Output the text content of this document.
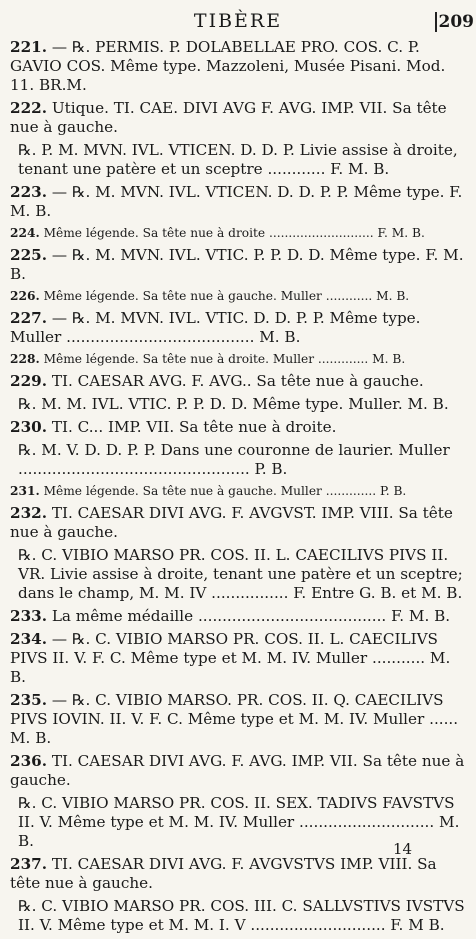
TIBÈRE	209
221. — ℞. PERMIS. P. DOLABELLAE PRO. COS. C. P. GAVIO COS. Même type. Mazzoleni, Musée Pisani. Mod. 11. BR.M.
222. Utique. TI. CAE. DIVI AVG F. AVG. IMP. VII. Sa tête nue à gauche.
℞. P. M. MVN. IVL. VTICEN. D. D. P. Livie assise à droite, tenant une patère et un sceptre ............ F. M. B.
223. — ℞. M. MVN. IVL. VTICEN. D. D. P. P. Même type. F. M. B.
224. Même légende. Sa tête nue à droite ........................... F. M. B.
225. — ℞. M. MVN. IVL. VTIC. P. P. D. D. Même type. F. M. B.
226. Même légende. Sa tête nue à gauche. Muller ............ M. B.
227. — ℞. M. MVN. IVL. VTIC. D. D. P. P. Même type. Muller ....................................... M. B.
228. Même légende. Sa tête nue à droite. Muller ............. M. B.
229. TI. CAESAR AVG. F. AVG.. Sa tête nue à gauche.
℞. M. M. IVL. VTIC. P. P. D. D. Même type. Muller. M. B.
230. TI. C... IMP. VII. Sa tête nue à droite.
℞. M. V. D. D. P. P. Dans une couronne de laurier. Muller ................................................ P. B.
231. Même légende. Sa tête nue à gauche. Muller ............. P. B.
232. TI. CAESAR DIVI AVG. F. AVGVST. IMP. VIII. Sa tête nue à gauche.
℞. C. VIBIO MARSO PR. COS. II. L. CAECILIVS PIVS II. VR. Livie assise à droite, tenant une patère et un sceptre; dans le champ, M. M. IV ................ F. Entre G. B. et M. B.
233. La même médaille ....................................... F. M. B.
234. — ℞. C. VIBIO MARSO PR. COS. II. L. CAECILIVS PIVS II. V. F. C. Même type et M. M. IV. Muller ........... M. B.
235. — ℞. C. VIBIO MARSO. PR. COS. II. Q. CAECILIVS PIVS IOVIN. II. V. F. C. Même type et M. M. IV. Muller ...... M. B.
236. TI. CAESAR DIVI AVG. F. AVG. IMP. VII. Sa tête nue à gauche.
℞. C. VIBIO MARSO PR. COS. II. SEX. TADIVS FAVSTVS II. V. Même type et M. M. IV. Muller ............................ M. B.
237. TI. CAESAR DIVI AVG. F. AVGVSTVS IMP. VIII. Sa tête nue à gauche.
℞. C. VIBIO MARSO PR. COS. III. C. SALLVSTIVS IVSTVS II. V. Même type et M. M. I. V ............................ F. M B.
14
